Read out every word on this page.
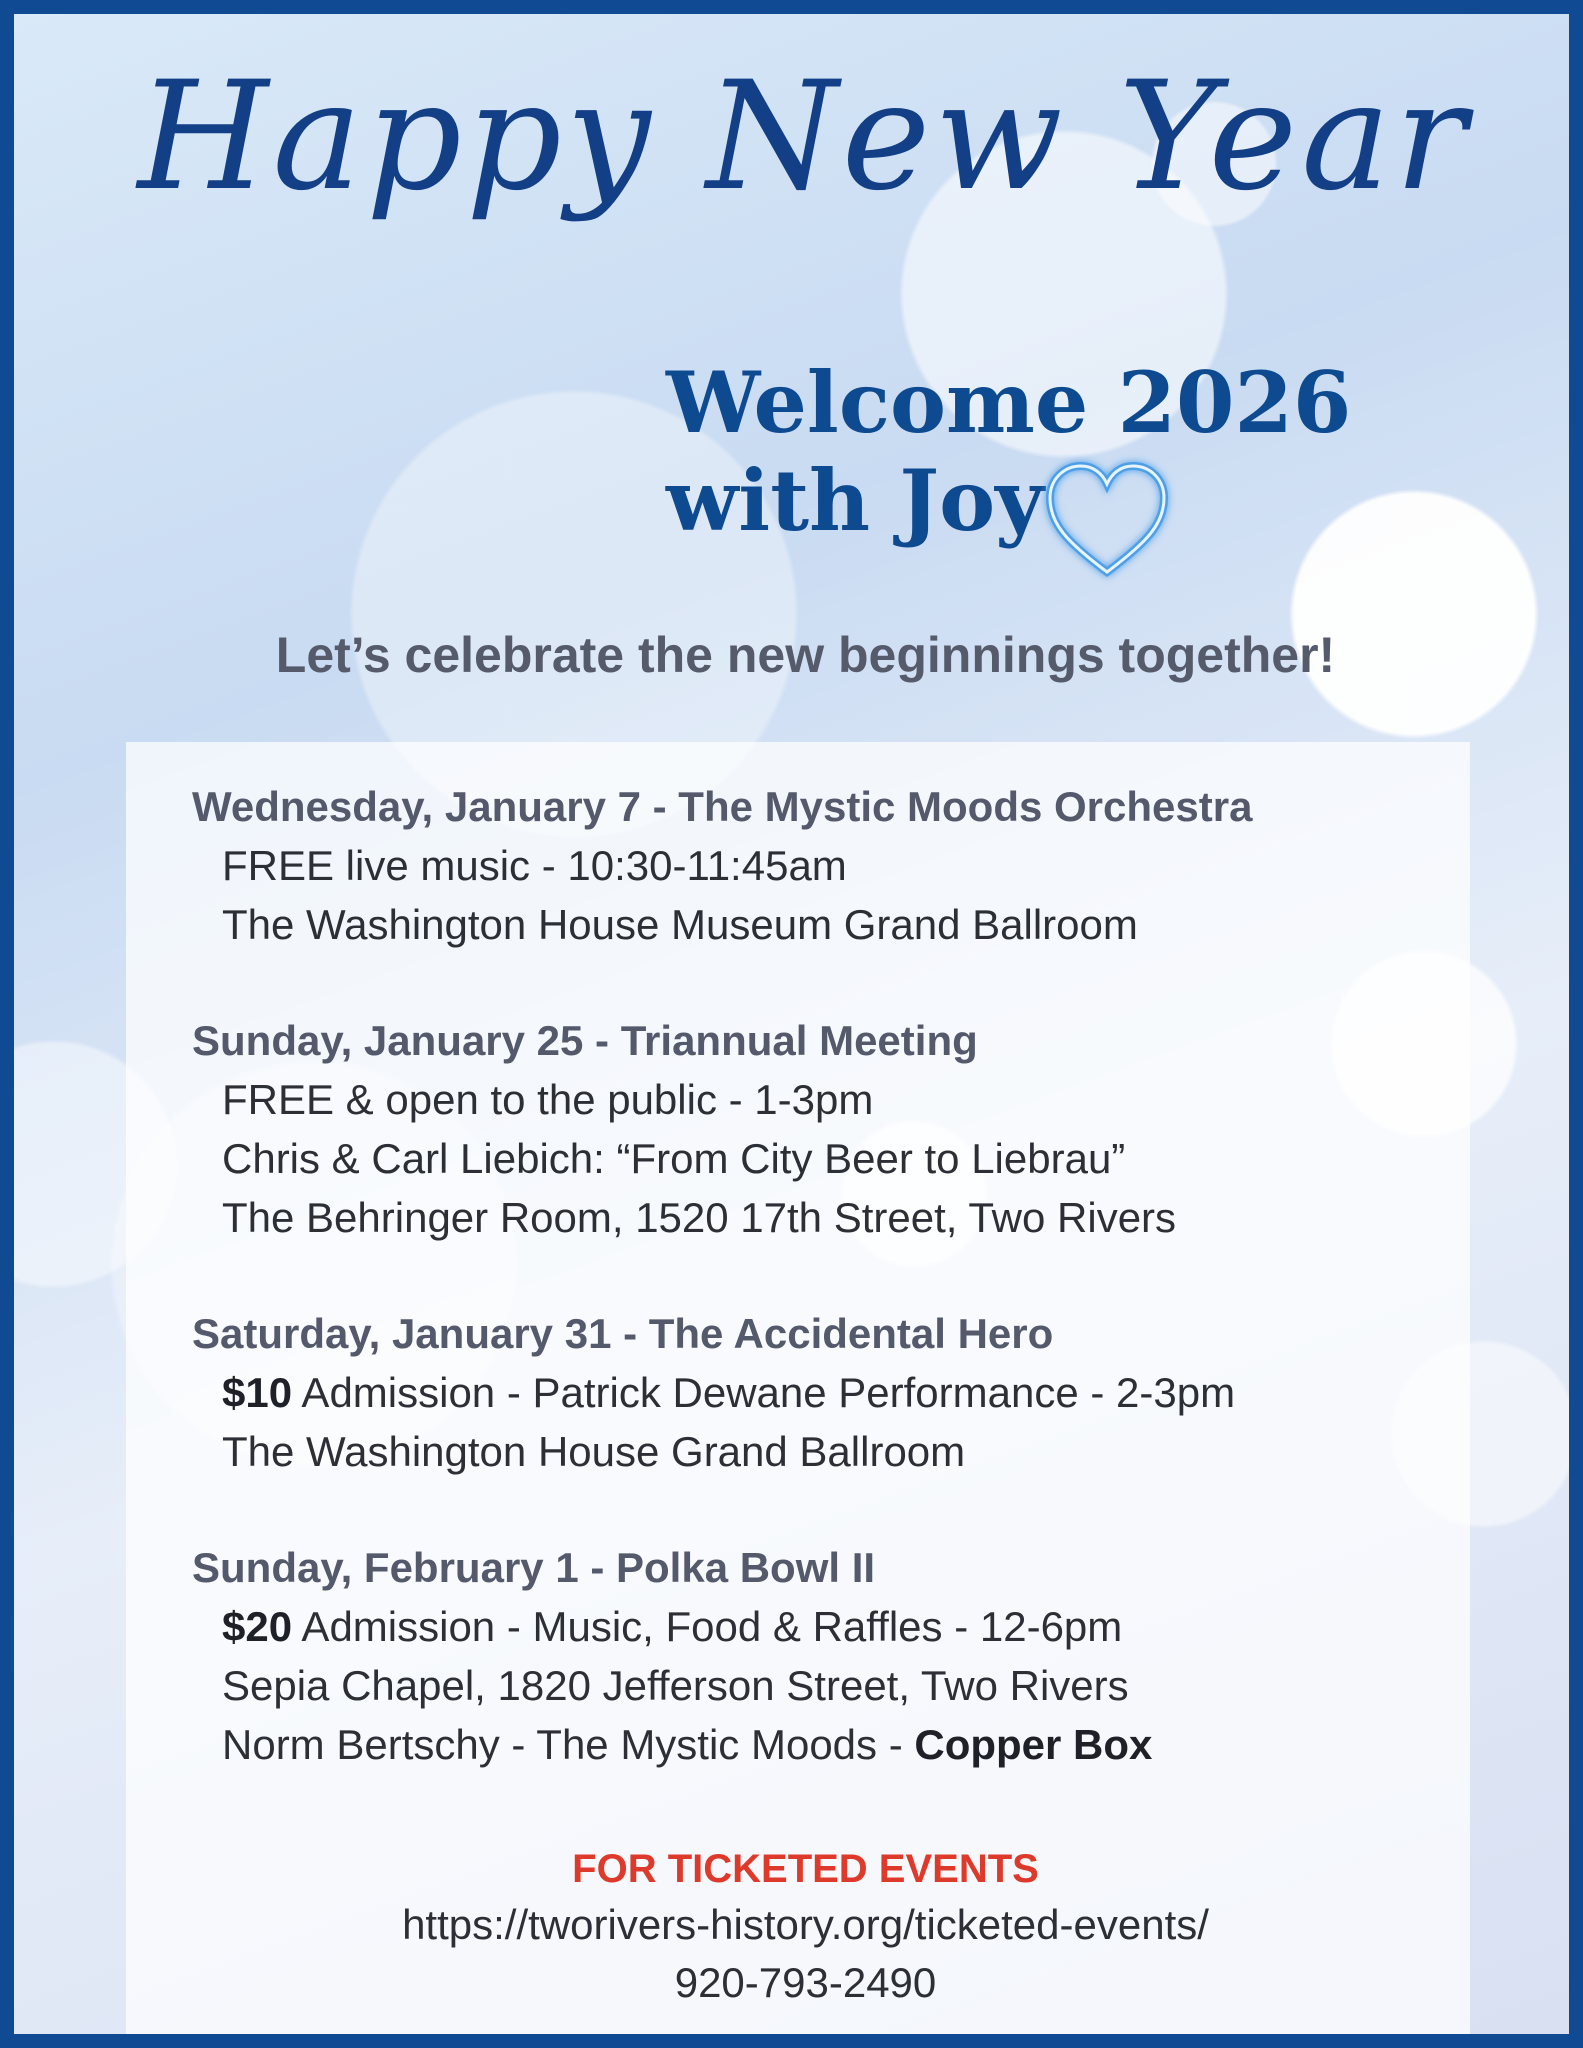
Happy New Year
Welcome 2026
with Joy
Let’s celebrate the new beginnings together!
Wednesday, January 7 - The Mystic Moods Orchestra
FREE live music - 10:30-11:45am
The Washington House Museum Grand Ballroom
Sunday, January 25 - Triannual Meeting
FREE & open to the public - 1-3pm
Chris & Carl Liebich: “From City Beer to Liebrau”
The Behringer Room, 1520 17th Street, Two Rivers
Saturday, January 31 - The Accidental Hero
$10 Admission - Patrick Dewane Performance - 2-3pm
The Washington House Grand Ballroom
Sunday, February 1 - Polka Bowl II
$20 Admission - Music, Food & Raffles - 12-6pm
Sepia Chapel, 1820 Jefferson Street, Two Rivers
Norm Bertschy - The Mystic Moods - Copper Box
FOR TICKETED EVENTS
https://tworivers-history.org/ticketed-events/
920-793-2490
